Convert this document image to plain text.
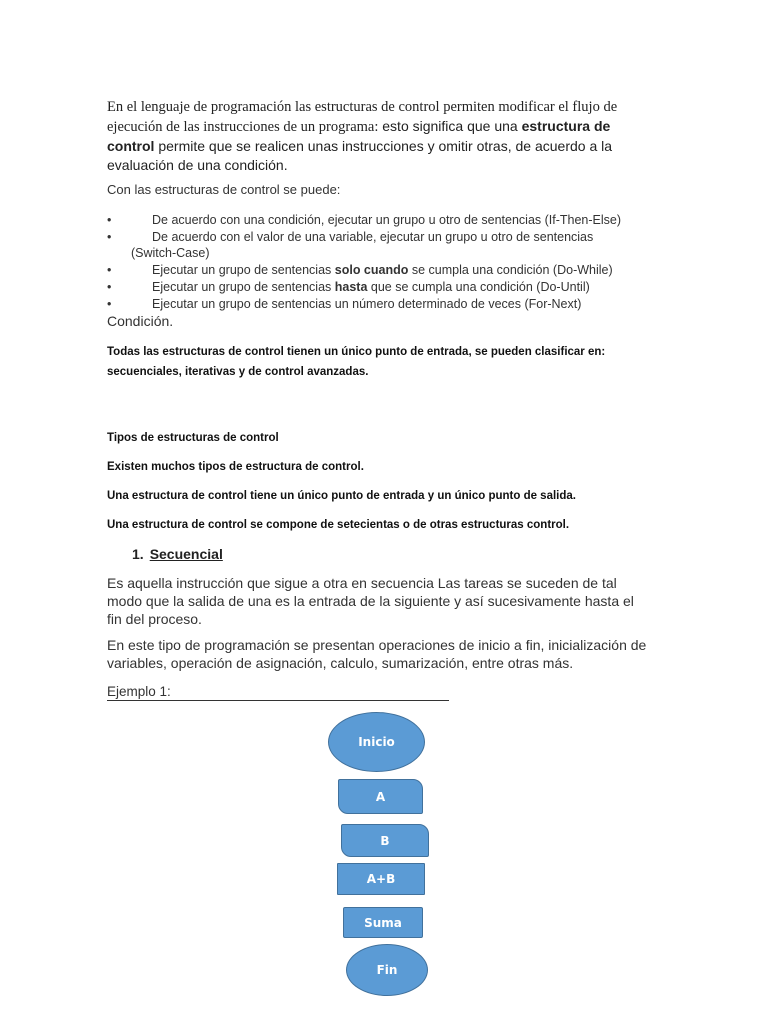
En el lenguaje de programación las estructuras de control permiten modificar el flujo de ejecución de las instrucciones de un programa: esto significa que una estructura de control permite que se realicen unas instrucciones y omitir otras, de acuerdo a la evaluación de una condición.

Con las estructuras de control se puede:

•	De acuerdo con una condición, ejecutar un grupo u otro de sentencias (If-Then-Else)
•	De acuerdo con el valor de una variable, ejecutar un grupo u otro de sentencias
(Switch-Case)
•	Ejecutar un grupo de sentencias solo cuando se cumpla una condición (Do-While)
•	Ejecutar un grupo de sentencias hasta que se cumpla una condición (Do-Until)
•	Ejecutar un grupo de sentencias un número determinado de veces (For-Next)

Condición.

Todas las estructuras de control tienen un único punto de entrada, se pueden clasificar en: secuenciales, iterativas y de control avanzadas.

Tipos de estructuras de control

Existen muchos tipos de estructura de control.

Una estructura de control tiene un único punto de entrada y un único punto de salida.

Una estructura de control se compone de setecientas o de otras estructuras control.

1. Secuencial

Es aquella instrucción que sigue a otra en secuencia Las tareas se suceden de tal modo que la salida de una es la entrada de la siguiente y así sucesivamente hasta el fin del proceso.

En este tipo de programación se presentan operaciones de inicio a fin, inicialización de variables, operación de asignación, calculo, sumarización, entre otras más.

Ejemplo 1:
Inicio
A
B
A+B
Suma
Fin
